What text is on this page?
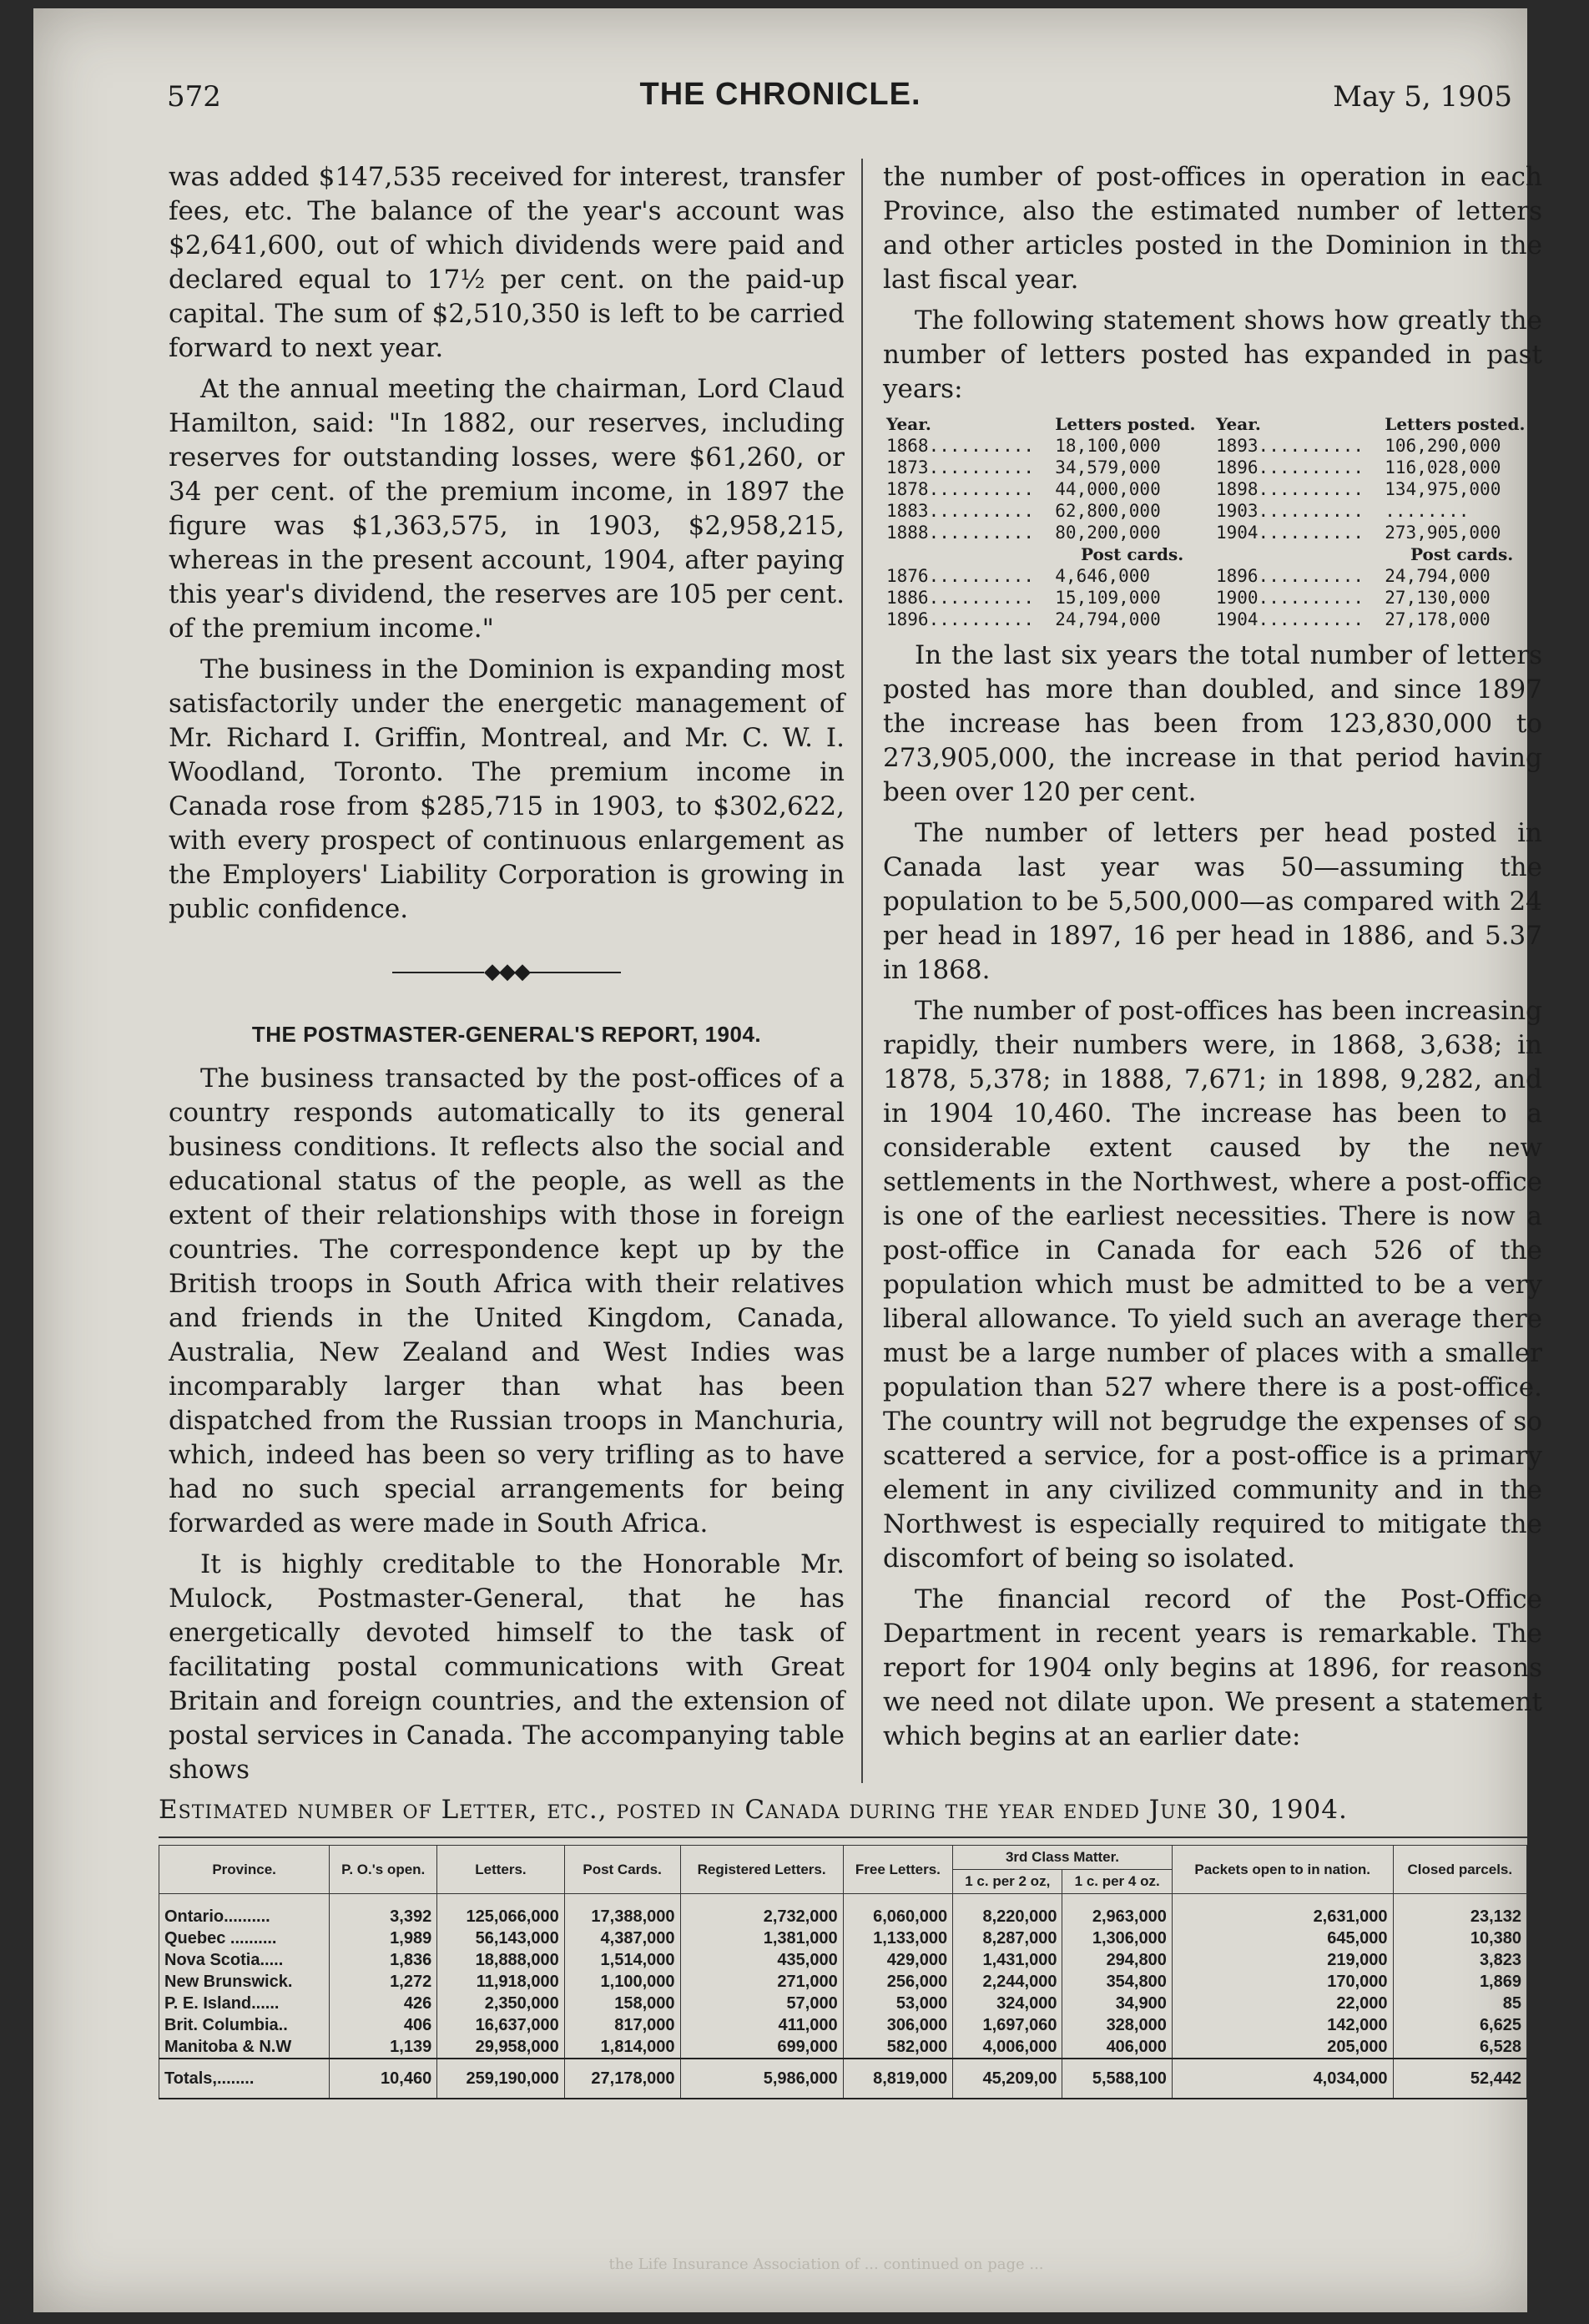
572	THE CHRONICLE.	May 5, 1905

was added $147,535 received for interest, transfer fees, etc. The balance of the year's account was $2,641,600, out of which dividends were paid and declared equal to 17½ per cent. on the paid-up capital. The sum of $2,510,350 is left to be carried forward to next year.

At the annual meeting the chairman, Lord Claud Hamilton, said: "In 1882, our reserves, including reserves for outstanding losses, were $61,260, or 34 per cent. of the premium income, in 1897 the figure was $1,363,575, in 1903, $2,958,215, whereas in the present account, 1904, after paying this year's dividend, the reserves are 105 per cent. of the premium income."

The business in the Dominion is expanding most satisfactorily under the energetic management of Mr. Richard I. Griffin, Montreal, and Mr. C. W. I. Woodland, Toronto. The premium income in Canada rose from $285,715 in 1903, to $302,622, with every prospect of continuous enlargement as the Employers' Liability Corporation is growing in public confidence.

◆◆◆
THE POSTMASTER-GENERAL'S REPORT, 1904.

The business transacted by the post-offices of a country responds automatically to its general business conditions. It reflects also the social and educational status of the people, as well as the extent of their relationships with those in foreign countries. The correspondence kept up by the British troops in South Africa with their relatives and friends in the United Kingdom, Canada, Australia, New Zealand and West Indies was incomparably larger than what has been dispatched from the Russian troops in Manchuria, which, indeed has been so very trifling as to have had no such special arrangements for being forwarded as were made in South Africa.

It is highly creditable to the Honorable Mr. Mulock, Postmaster-General, that he has energetically devoted himself to the task of facilitating postal communications with Great Britain and foreign countries, and the extension of postal services in Canada. The accompanying table shows

the number of post-offices in operation in each Province, also the estimated number of letters and other articles posted in the Dominion in the last fiscal year.

The following statement shows how greatly the number of letters posted has expanded in past years:

Year.	Letters posted.	Year.	Letters posted.
1868..........	18,100,000	1893..........	106,290,000
1873..........	34,579,000	1896..........	116,028,000
1878..........	44,000,000	1898..........	134,975,000
1883..........	62,800,000	1903..........	........
1888..........	80,200,000	1904..........	273,905,000
	Post cards.		Post cards.
1876..........	4,646,000	1896..........	24,794,000
1886..........	15,109,000	1900..........	27,130,000
1896..........	24,794,000	1904..........	27,178,000

In the last six years the total number of letters posted has more than doubled, and since 1897 the increase has been from 123,830,000 to 273,905,000, the increase in that period having been over 120 per cent.

The number of letters per head posted in Canada last year was 50—assuming the population to be 5,500,000—as compared with 24 per head in 1897, 16 per head in 1886, and 5.37 in 1868.

The number of post-offices has been increasing rapidly, their numbers were, in 1868, 3,638; in 1878, 5,378; in 1888, 7,671; in 1898, 9,282, and in 1904 10,460. The increase has been to a considerable extent caused by the new settlements in the Northwest, where a post-office is one of the earliest necessities. There is now a post-office in Canada for each 526 of the population which must be admitted to be a very liberal allowance. To yield such an average there must be a large number of places with a smaller population than 527 where there is a post-office. The country will not begrudge the expenses of so scattered a service, for a post-office is a primary element in any civilized community and in the Northwest is especially required to mitigate the discomfort of being so isolated.

The financial record of the Post-Office Department in recent years is remarkable. The report for 1904 only begins at 1896, for reasons we need not dilate upon. We present a statement which begins at an earlier date:

Estimated number of Letter, etc., posted in Canada during the year ended June 30, 1904.
Province.	P. O.'s open.	Letters.	Post Cards.	Registered Letters.	Free Letters.	3rd Class Matter.		Packets open to in nation.	Closed parcels.
						1 c. per 2 oz,	1 c. per 4 oz.		
Ontario..........	3,392	125,066,000	17,388,000	2,732,000	6,060,000	8,220,000	2,963,000	2,631,000	23,132
Quebec ..........	1,989	56,143,000	4,387,000	1,381,000	1,133,000	8,287,000	1,306,000	645,000	10,380
Nova Scotia.....	1,836	18,888,000	1,514,000	435,000	429,000	1,431,000	294,800	219,000	3,823
New Brunswick.	1,272	11,918,000	1,100,000	271,000	256,000	2,244,000	354,800	170,000	1,869
P. E. Island......	426	2,350,000	158,000	57,000	53,000	324,000	34,900	22,000	85
Brit. Columbia..	406	16,637,000	817,000	411,000	306,000	1,697,060	328,000	142,000	6,625
Manitoba & N.W	1,139	29,958,000	1,814,000	699,000	582,000	4,006,000	406,000	205,000	6,528
Totals,........	10,460	259,190,000	27,178,000	5,986,000	8,819,000	45,209,00	5,588,100	4,034,000	52,442
the Life Insurance Association of ... continued on page ...
